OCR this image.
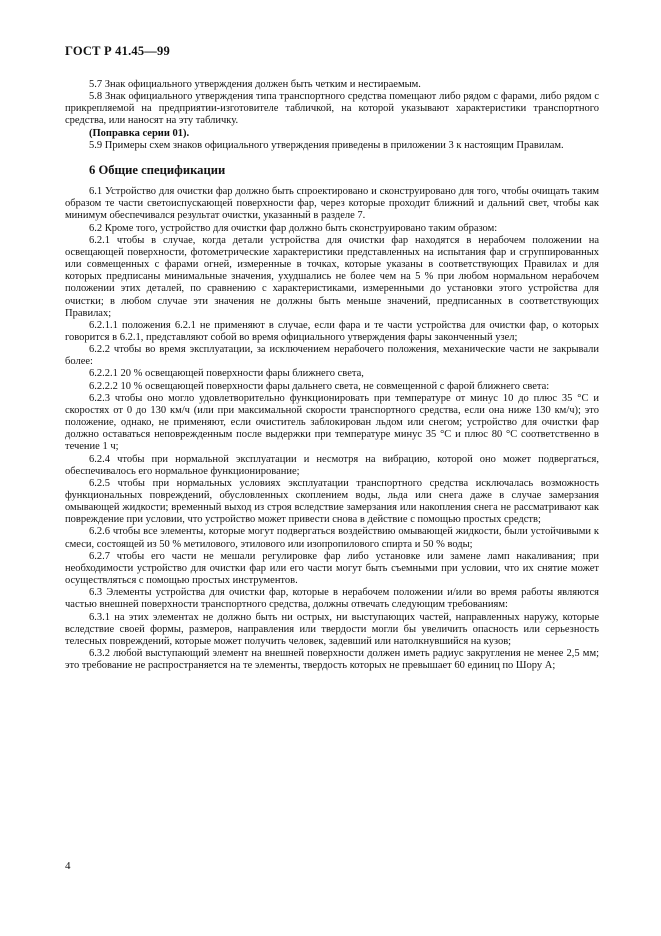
ГОСТ Р 41.45—99

5.7 Знак официального утверждения должен быть четким и нестираемым.

5.8 Знак официального утверждения типа транспортного средства помещают либо рядом с фарами, либо рядом с прикрепляемой на предприятии-изготовителе табличкой, на которой указывают характеристики транспортного средства, или наносят на эту табличку.

(Поправка серии 01).

5.9 Примеры схем знаков официального утверждения приведены в приложении 3 к настоящим Правилам.

6 Общие спецификации

6.1 Устройство для очистки фар должно быть спроектировано и сконструировано для того, чтобы очищать таким образом те части светоиспускающей поверхности фар, через которые проходит ближний и дальний свет, чтобы как минимум обеспечивался результат очистки, указанный в разделе 7.

6.2 Кроме того, устройство для очистки фар должно быть сконструировано таким образом:

6.2.1 чтобы в случае, когда детали устройства для очистки фар находятся в нерабочем положении на освещающей поверхности, фотометрические характеристики представленных на испытания фар и сгруппированных или совмещенных с фарами огней, измеренные в точках, которые указаны в соответствующих Правилах и для которых предписаны минимальные значения, ухудшались не более чем на 5 % при любом нормальном нерабочем положении этих деталей, по сравнению с характеристиками, измеренными до установки этого устройства для очистки; в любом случае эти значения не должны быть меньше значений, предписанных в соответствующих Правилах;

6.2.1.1 положения 6.2.1 не применяют в случае, если фара и те части устройства для очистки фар, о которых говорится в 6.2.1, представляют собой во время официального утверждения фары законченный узел;

6.2.2 чтобы во время эксплуатации, за исключением нерабочего положения, механические части не закрывали более:

6.2.2.1 20 % освещающей поверхности фары ближнего света,

6.2.2.2 10 % освещающей поверхности фары дальнего света, не совмещенной с фарой ближнего света:

6.2.3 чтобы оно могло удовлетворительно функционировать при температуре от минус 10 до плюс 35 °С и скоростях от 0 до 130 км/ч (или при максимальной скорости транспортного средства, если она ниже 130 км/ч); это положение, однако, не применяют, если очиститель заблокирован льдом или снегом; устройство для очистки фар должно оставаться неповрежденным после выдержки при температуре минус 35 °С и плюс 80 °С соответственно в течение 1 ч;

6.2.4 чтобы при нормальной эксплуатации и несмотря на вибрацию, которой оно может подвергаться, обеспечивалось его нормальное функционирование;

6.2.5 чтобы при нормальных условиях эксплуатации транспортного средства исключалась возможность функциональных повреждений, обусловленных скоплением воды, льда или снега даже в случае замерзания омывающей жидкости; временный выход из строя вследствие замерзания или накопления снега не рассматривают как повреждение при условии, что устройство может привести снова в действие с помощью простых средств;

6.2.6 чтобы все элементы, которые могут подвергаться воздействию омывающей жидкости, были устойчивыми к смеси, состоящей из 50 % метилового, этилового или изопропилового спирта и 50 % воды;

6.2.7 чтобы его части не мешали регулировке фар либо установке или замене ламп накаливания; при необходимости устройство для очистки фар или его части могут быть съемными при условии, что их снятие может осуществляться с помощью простых инструментов.

6.3 Элементы устройства для очистки фар, которые в нерабочем положении и/или во время работы являются частью внешней поверхности транспортного средства, должны отвечать следующим требованиям:

6.3.1 на этих элементах не должно быть ни острых, ни выступающих частей, направленных наружу, которые вследствие своей формы, размеров, направления или твердости могли бы увеличить опасность или серьезность телесных повреждений, которые может получить человек, задевший или натолкнувшийся на кузов;

6.3.2 любой выступающий элемент на внешней поверхности должен иметь радиус закругления не менее 2,5 мм; это требование не распространяется на те элементы, твердость которых не превышает 60 единиц по Шору А;

4
